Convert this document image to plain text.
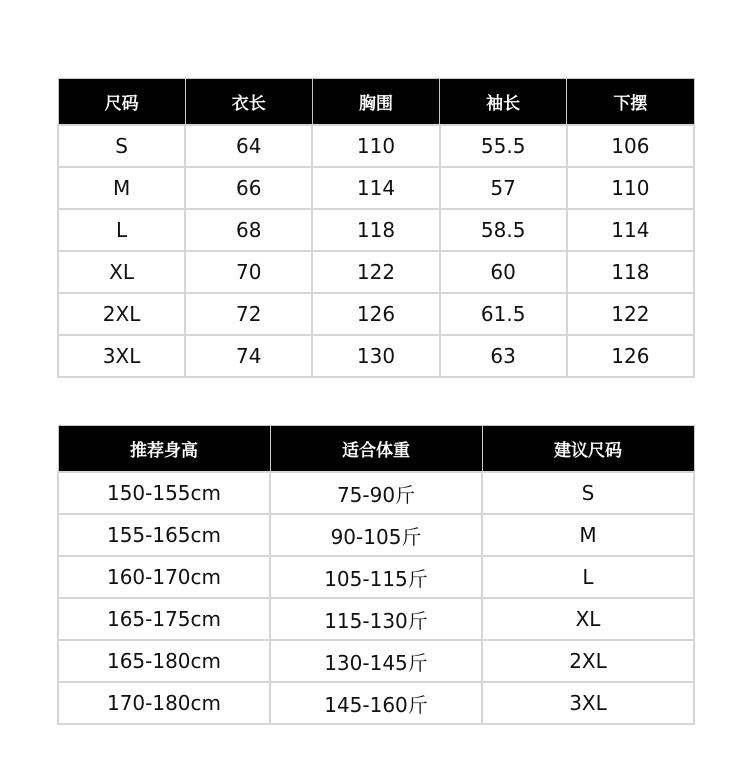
尺码	衣长	胸围	袖长	下摆
S	64	110	55.5	106
M	66	114	57	110
L	68	118	58.5	114
XL	70	122	60	118
2XL	72	126	61.5	122
3XL	74	130	63	126
推荐身高	适合体重	建议尺码
150-155cm	75-90斤	S
155-165cm	90-105斤	M
160-170cm	105-115斤	L
165-175cm	115-130斤	XL
165-180cm	130-145斤	2XL
170-180cm	145-160斤	3XL
